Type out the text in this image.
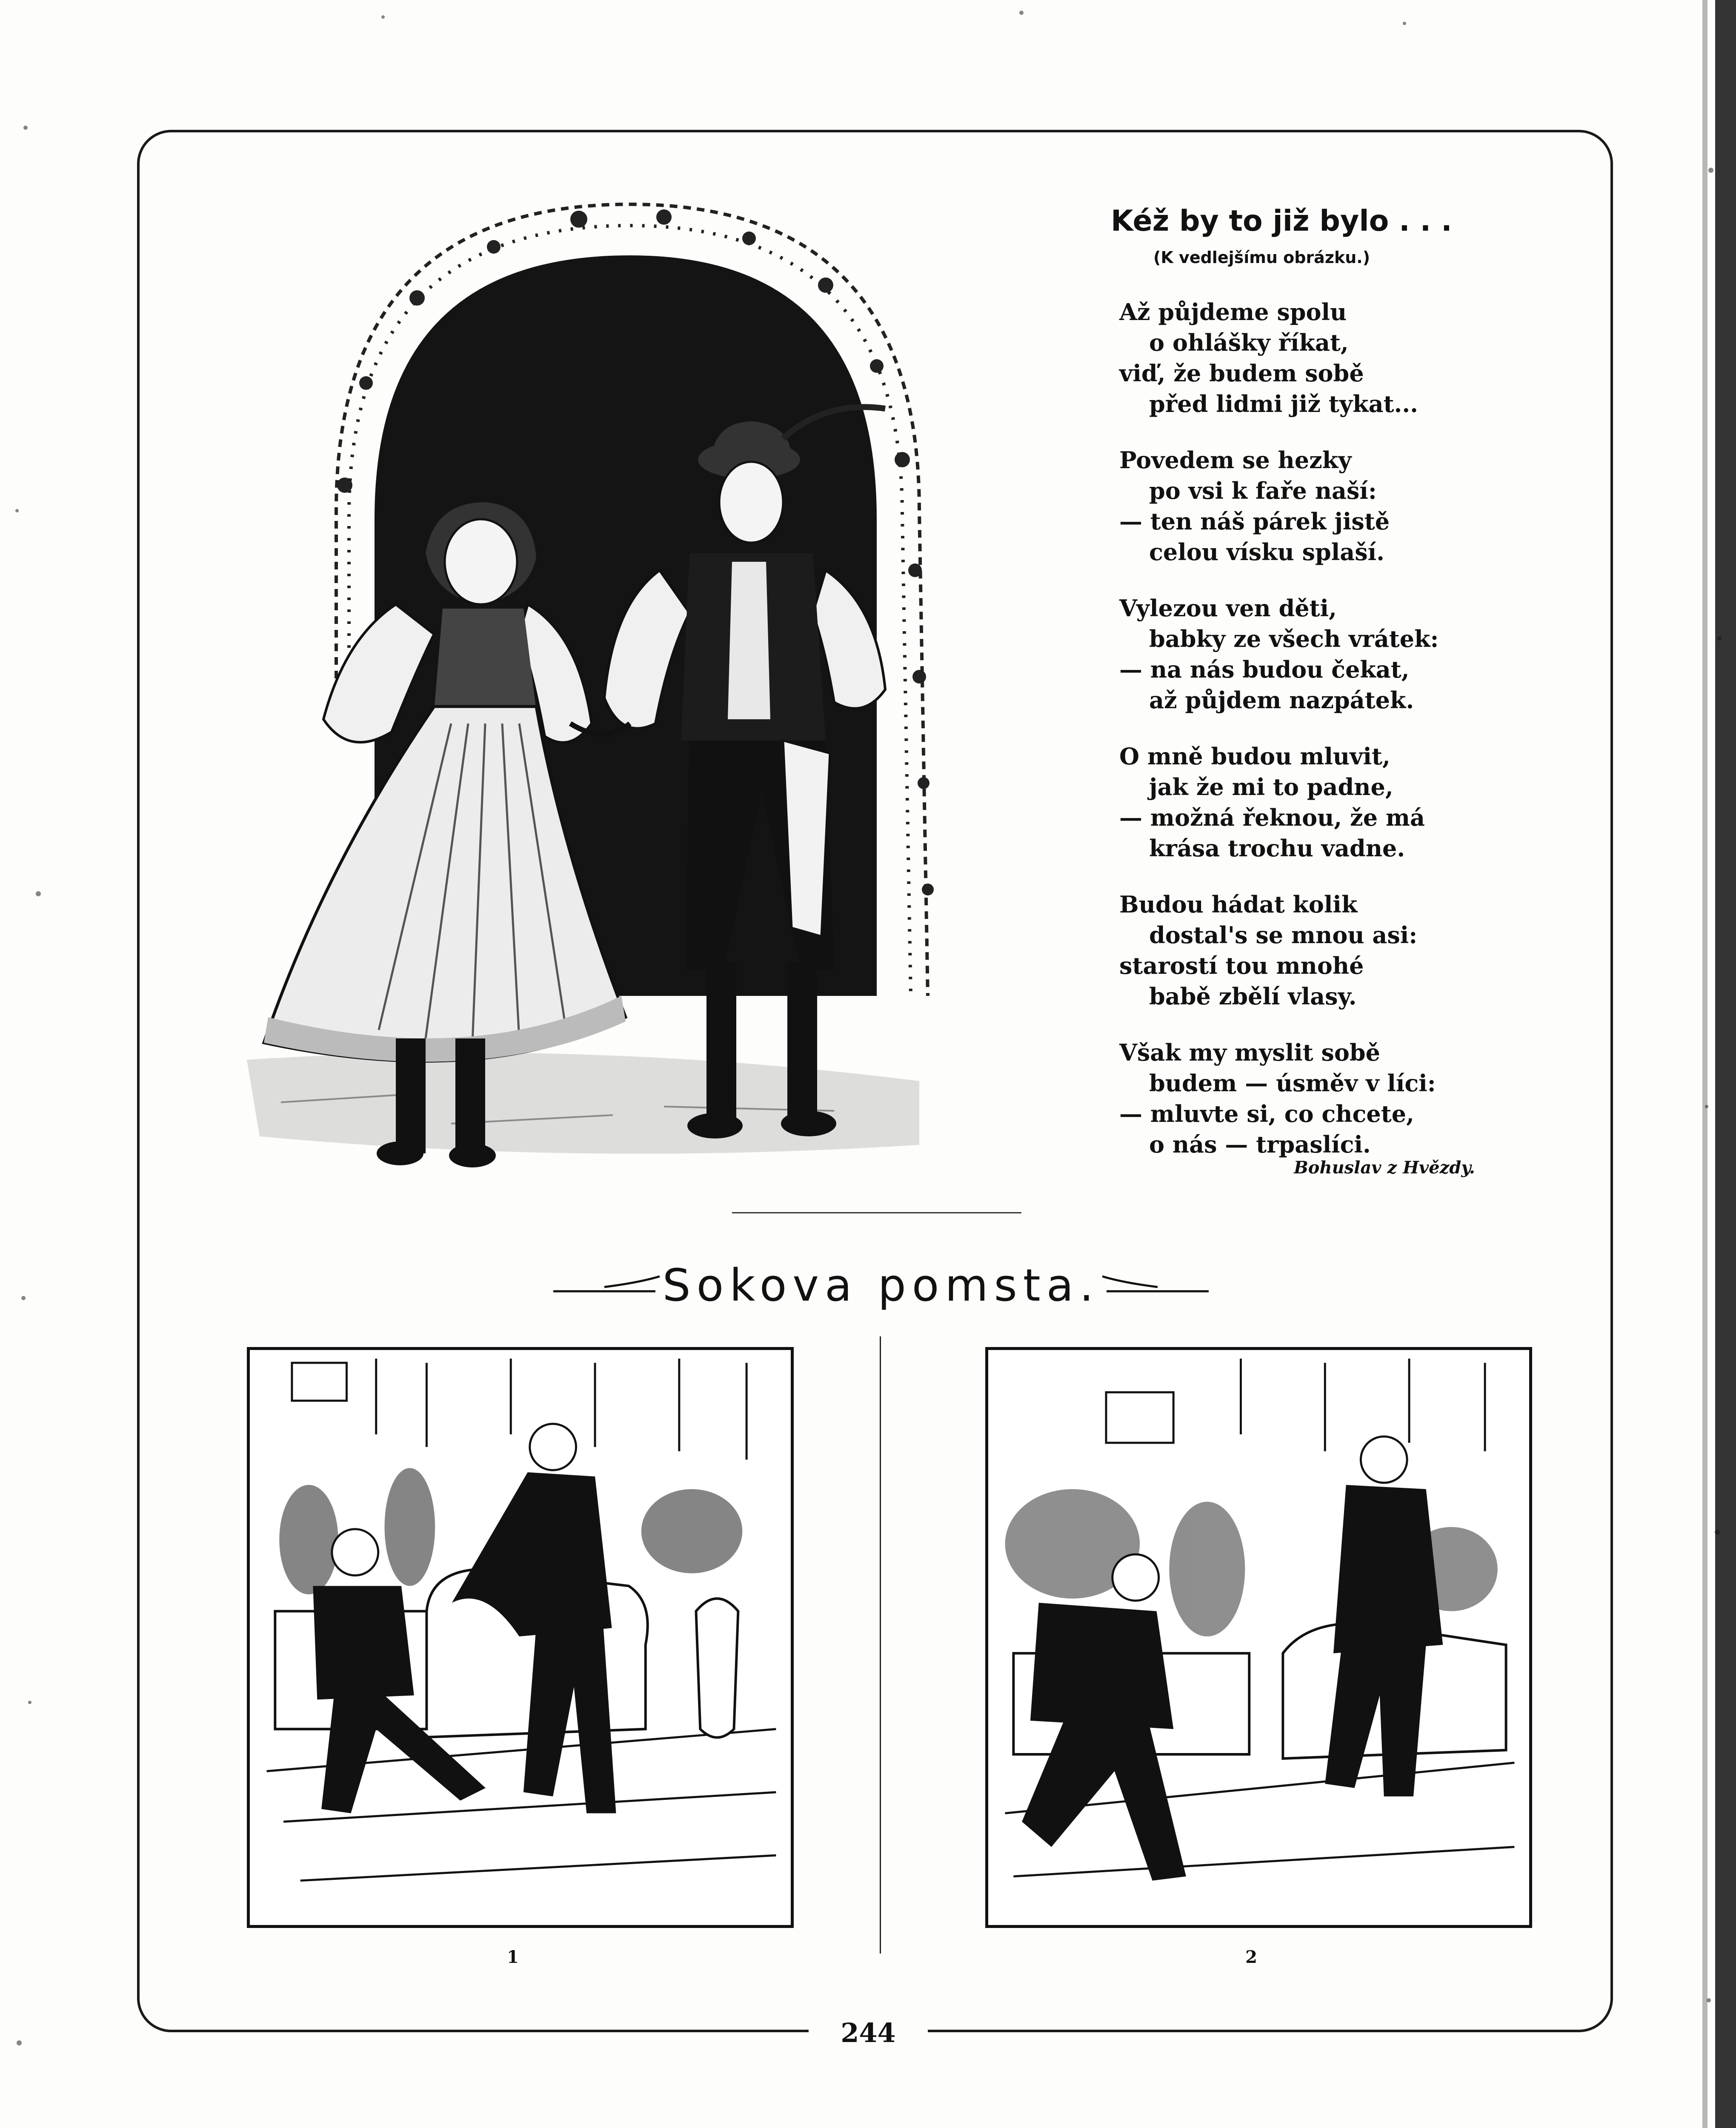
Kéž by to již bylo . . .
(K vedlejšímu obrázku.)
Až půjdeme spolu
o ohlášky říkat,
viď, že budem sobě
před lidmi již tykat...
Povedem se hezky
po vsi k faře naší:
— ten náš párek jistě
celou vísku splaší.
Vylezou ven děti,
babky ze všech vrátek:
— na nás budou čekat,
až půjdem nazpátek.
O mně budou mluvit,
jak že mi to padne,
— možná řeknou, že má
krása trochu vadne.
Budou hádat kolik
dostal's se mnou asi:
starostí tou mnohé
babě zbělí vlasy.
Však my myslit sobě
budem — úsměv v líci:
— mluvte si, co chcete,
o nás — trpaslíci.
Bohuslav z Hvězdy.
Sokova pomsta.
1	2
244
